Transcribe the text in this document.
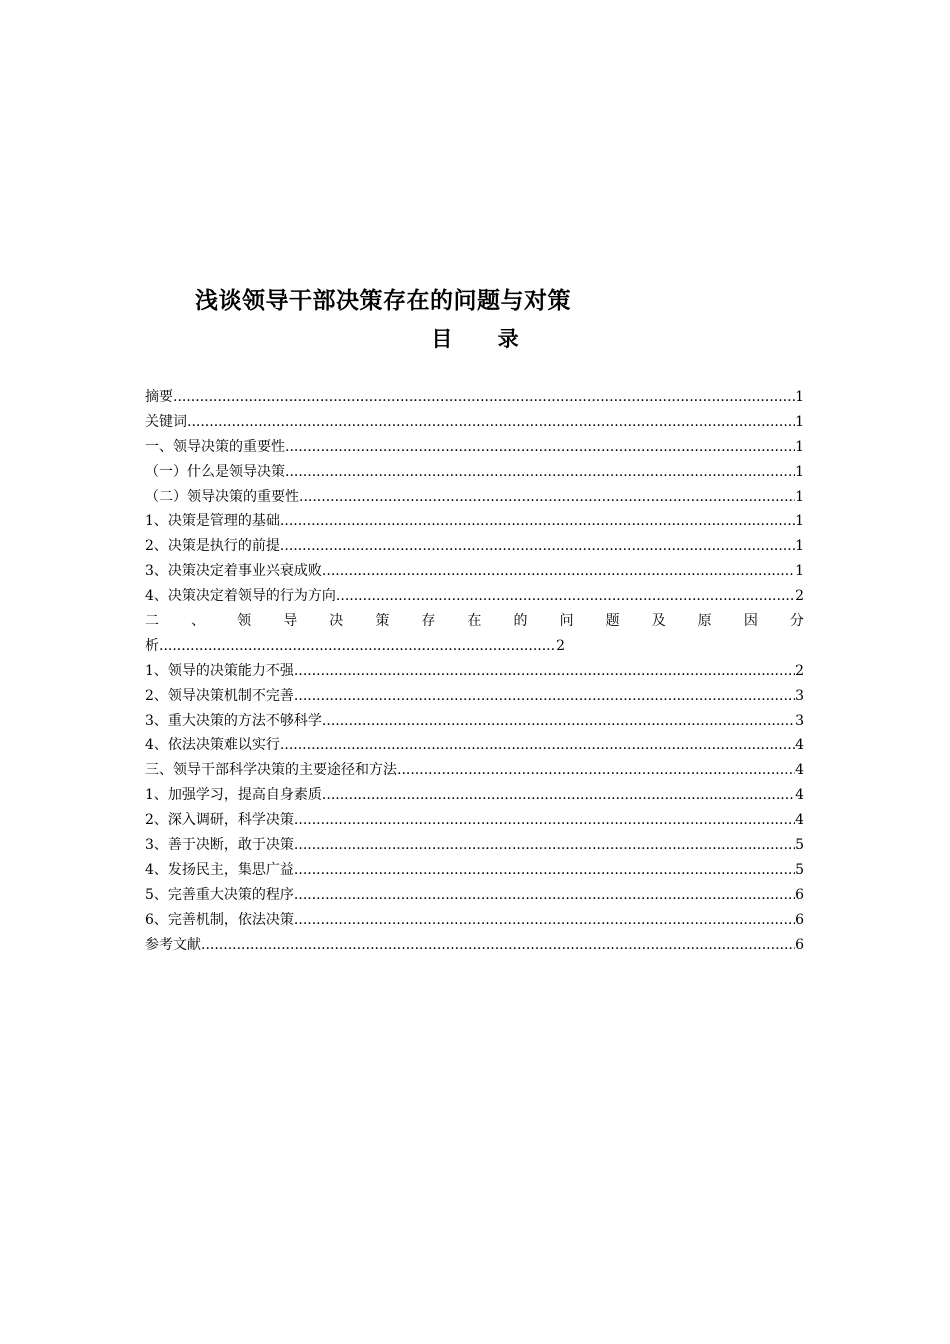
浅谈领导干部决策存在的问题与对策
目 录
摘要 .....	1
关键词 .....	1
一、领导决策的重要性 .....	1
（一）什么是领导决策 .....	1
（二）领导决策的重要性 .....	1
1、决策是管理的基础 .....	1
2、决策是执行的前提 .....	1
3、决策决定着事业兴衰成败 .....	1
4、决策决定着领导的行为方向 .....	2
二 、 领 导 决 策 存 在 的 问 题 及 原 因 分
析 .....	2
1、领导的决策能力不强 .....	2
2、领导决策机制不完善 .....	3
3、重大决策的方法不够科学 .....	3
4、依法决策难以实行 .....	4
三、领导干部科学决策的主要途径和方法 .....	4
1、加强学习，提高自身素质 .....	4
2、深入调研，科学决策 .....	4
3、善于决断，敢于决策 .....	5
4、发扬民主，集思广益 .....	5
5、完善重大决策的程序 .....	6
6、完善机制，依法决策 .....	6
参考文献 .....	6
